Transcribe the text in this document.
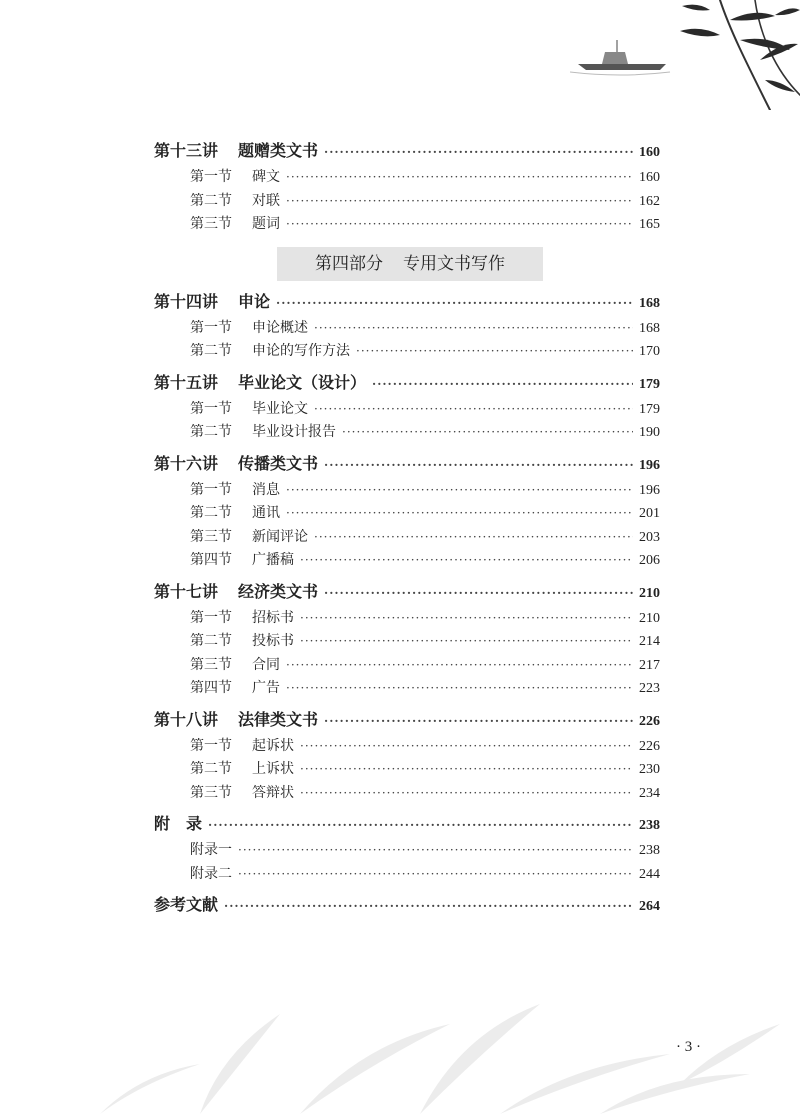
第十三讲 题赠类文书 ·····	160
第一节 碑文 ·····	160
第二节 对联 ·····	162
第三节 题词 ·····	165
第四部分 专用文书写作
第十四讲 申论 ·····	168
第一节 申论概述 ·····	168
第二节 申论的写作方法 ·····	170
第十五讲 毕业论文（设计） ·····	179
第一节 毕业论文 ·····	179
第二节 毕业设计报告 ·····	190
第十六讲 传播类文书 ·····	196
第一节 消息 ·····	196
第二节 通讯 ·····	201
第三节 新闻评论 ·····	203
第四节 广播稿 ·····	206
第十七讲 经济类文书 ·····	210
第一节 招标书 ·····	210
第二节 投标书 ·····	214
第三节 合同 ·····	217
第四节 广告 ·····	223
第十八讲 法律类文书 ·····	226
第一节 起诉状 ·····	226
第二节 上诉状 ·····	230
第三节 答辩状 ·····	234
附　录 ·····	238
附录一 ·····	238
附录二 ·····	244
参考文献 ·····	264
· 3 ·
